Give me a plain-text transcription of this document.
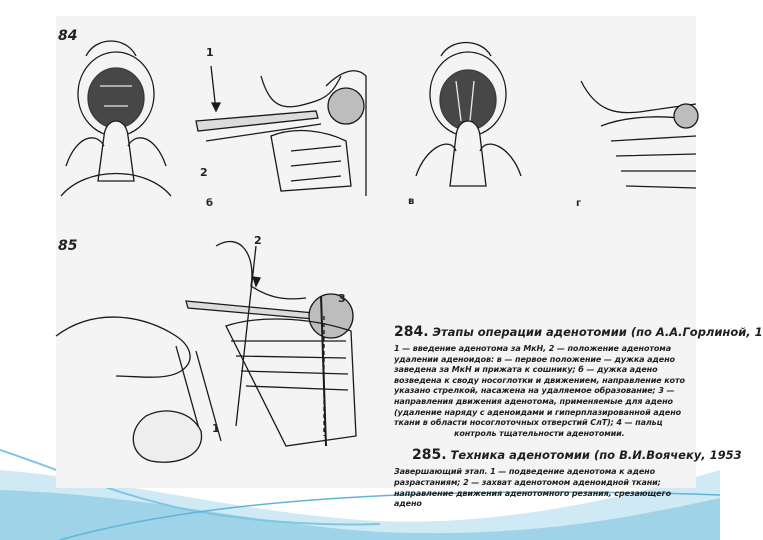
84
85
1
2
2
3
1
б	в	г
284. Этапы операции аденотомии (по А.А.Горлиной, 1
1 — введение аденотома за МкН, 2 — положение аденотома
удалении аденоидов: в — первое положение — дужка адено
заведена за МкН и прижата к сошнику; б — дужка адено
возведена к своду носоглотки и движением, направление кото
указано стрелкой, насажена на удаляемое образование; 3 —
направления движения аденотома, применяемые для адено
(удаление наряду с аденоидами и гиперплазированной адено
ткани в области носоглоточных отверстий СлТ); 4 — пальц
контроль тщательности аденотомии.
285. Техника аденотомии (по В.И.Воячеку, 1953
Завершающий этап. 1 — подведение аденотома к адено
разрастаниям; 2 — захват аденотомом аденоидной ткани;
направление движения аденотомного резания, срезающего адено
